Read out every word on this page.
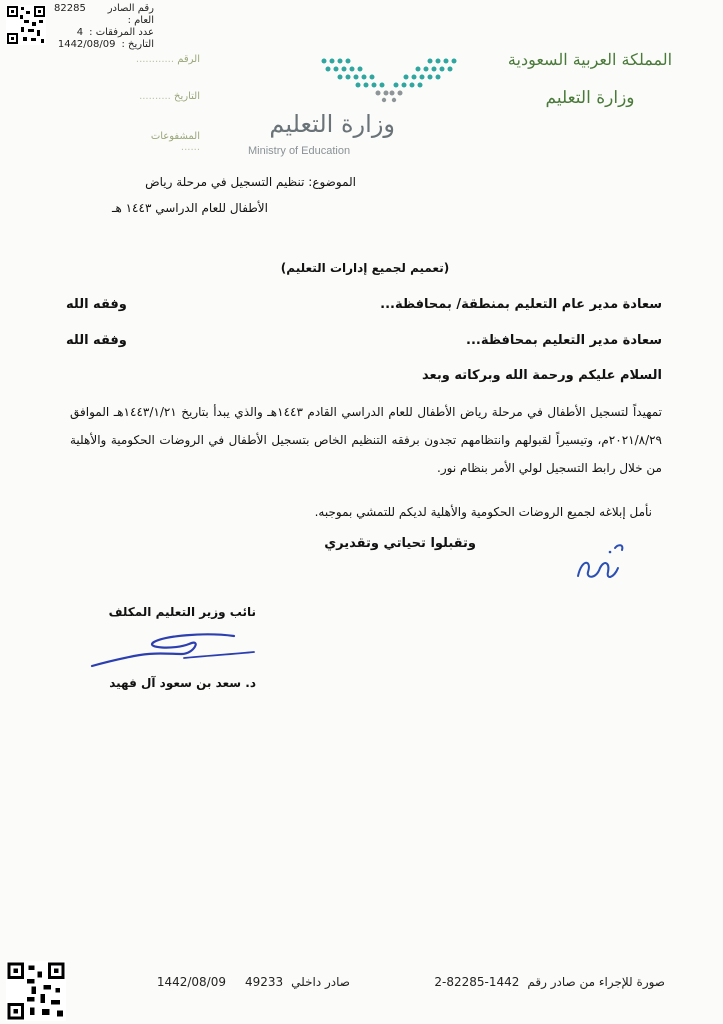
رقم الصادر العام :
82285
عدد المرفقات :
4
التاريخ :
1442/08/09
الرقم ............
التاريخ ..........
المشفوعات ......
وزارة التعليم
Ministry of Education
المملكة العربية السعودية
وزارة التعليم
الموضوع: تنظيم التسجيل في مرحلة رياض
الأطفال للعام الدراسي ١٤٤٣ هـ
(تعميم لجميع إدارات التعليم)
سعادة مدير عام التعليم بمنطقة/ بمحافظة...
وفقه الله
سعادة مدير التعليم بمحافظة...
وفقه الله
السلام عليكم ورحمة الله وبركاته وبعد
تمهيداً لتسجيل الأطفال في مرحلة رياض الأطفال للعام الدراسي القادم ١٤٤٣هـ والذي يبدأ بتاريخ ١٤٤٣/١/٢١هـ الموافق ٢٠٢١/٨/٢٩م، وتيسيراً لقبولهم وانتظامهم تجدون برفقه التنظيم الخاص بتسجيل الأطفال في الروضات الحكومية والأهلية من خلال رابط التسجيل لولي الأمر بنظام نور.
نأمل إبلاغه لجميع الروضات الحكومية والأهلية لديكم للتمشي بموجبه.
وتقبلوا تحياتي وتقديري
نائب وزير التعليم المكلف
د. سعد بن سعود آل فهيد
صورة للإجراء من صادر رقم
2-82285-1442
صادر داخلي
49233
1442/08/09
